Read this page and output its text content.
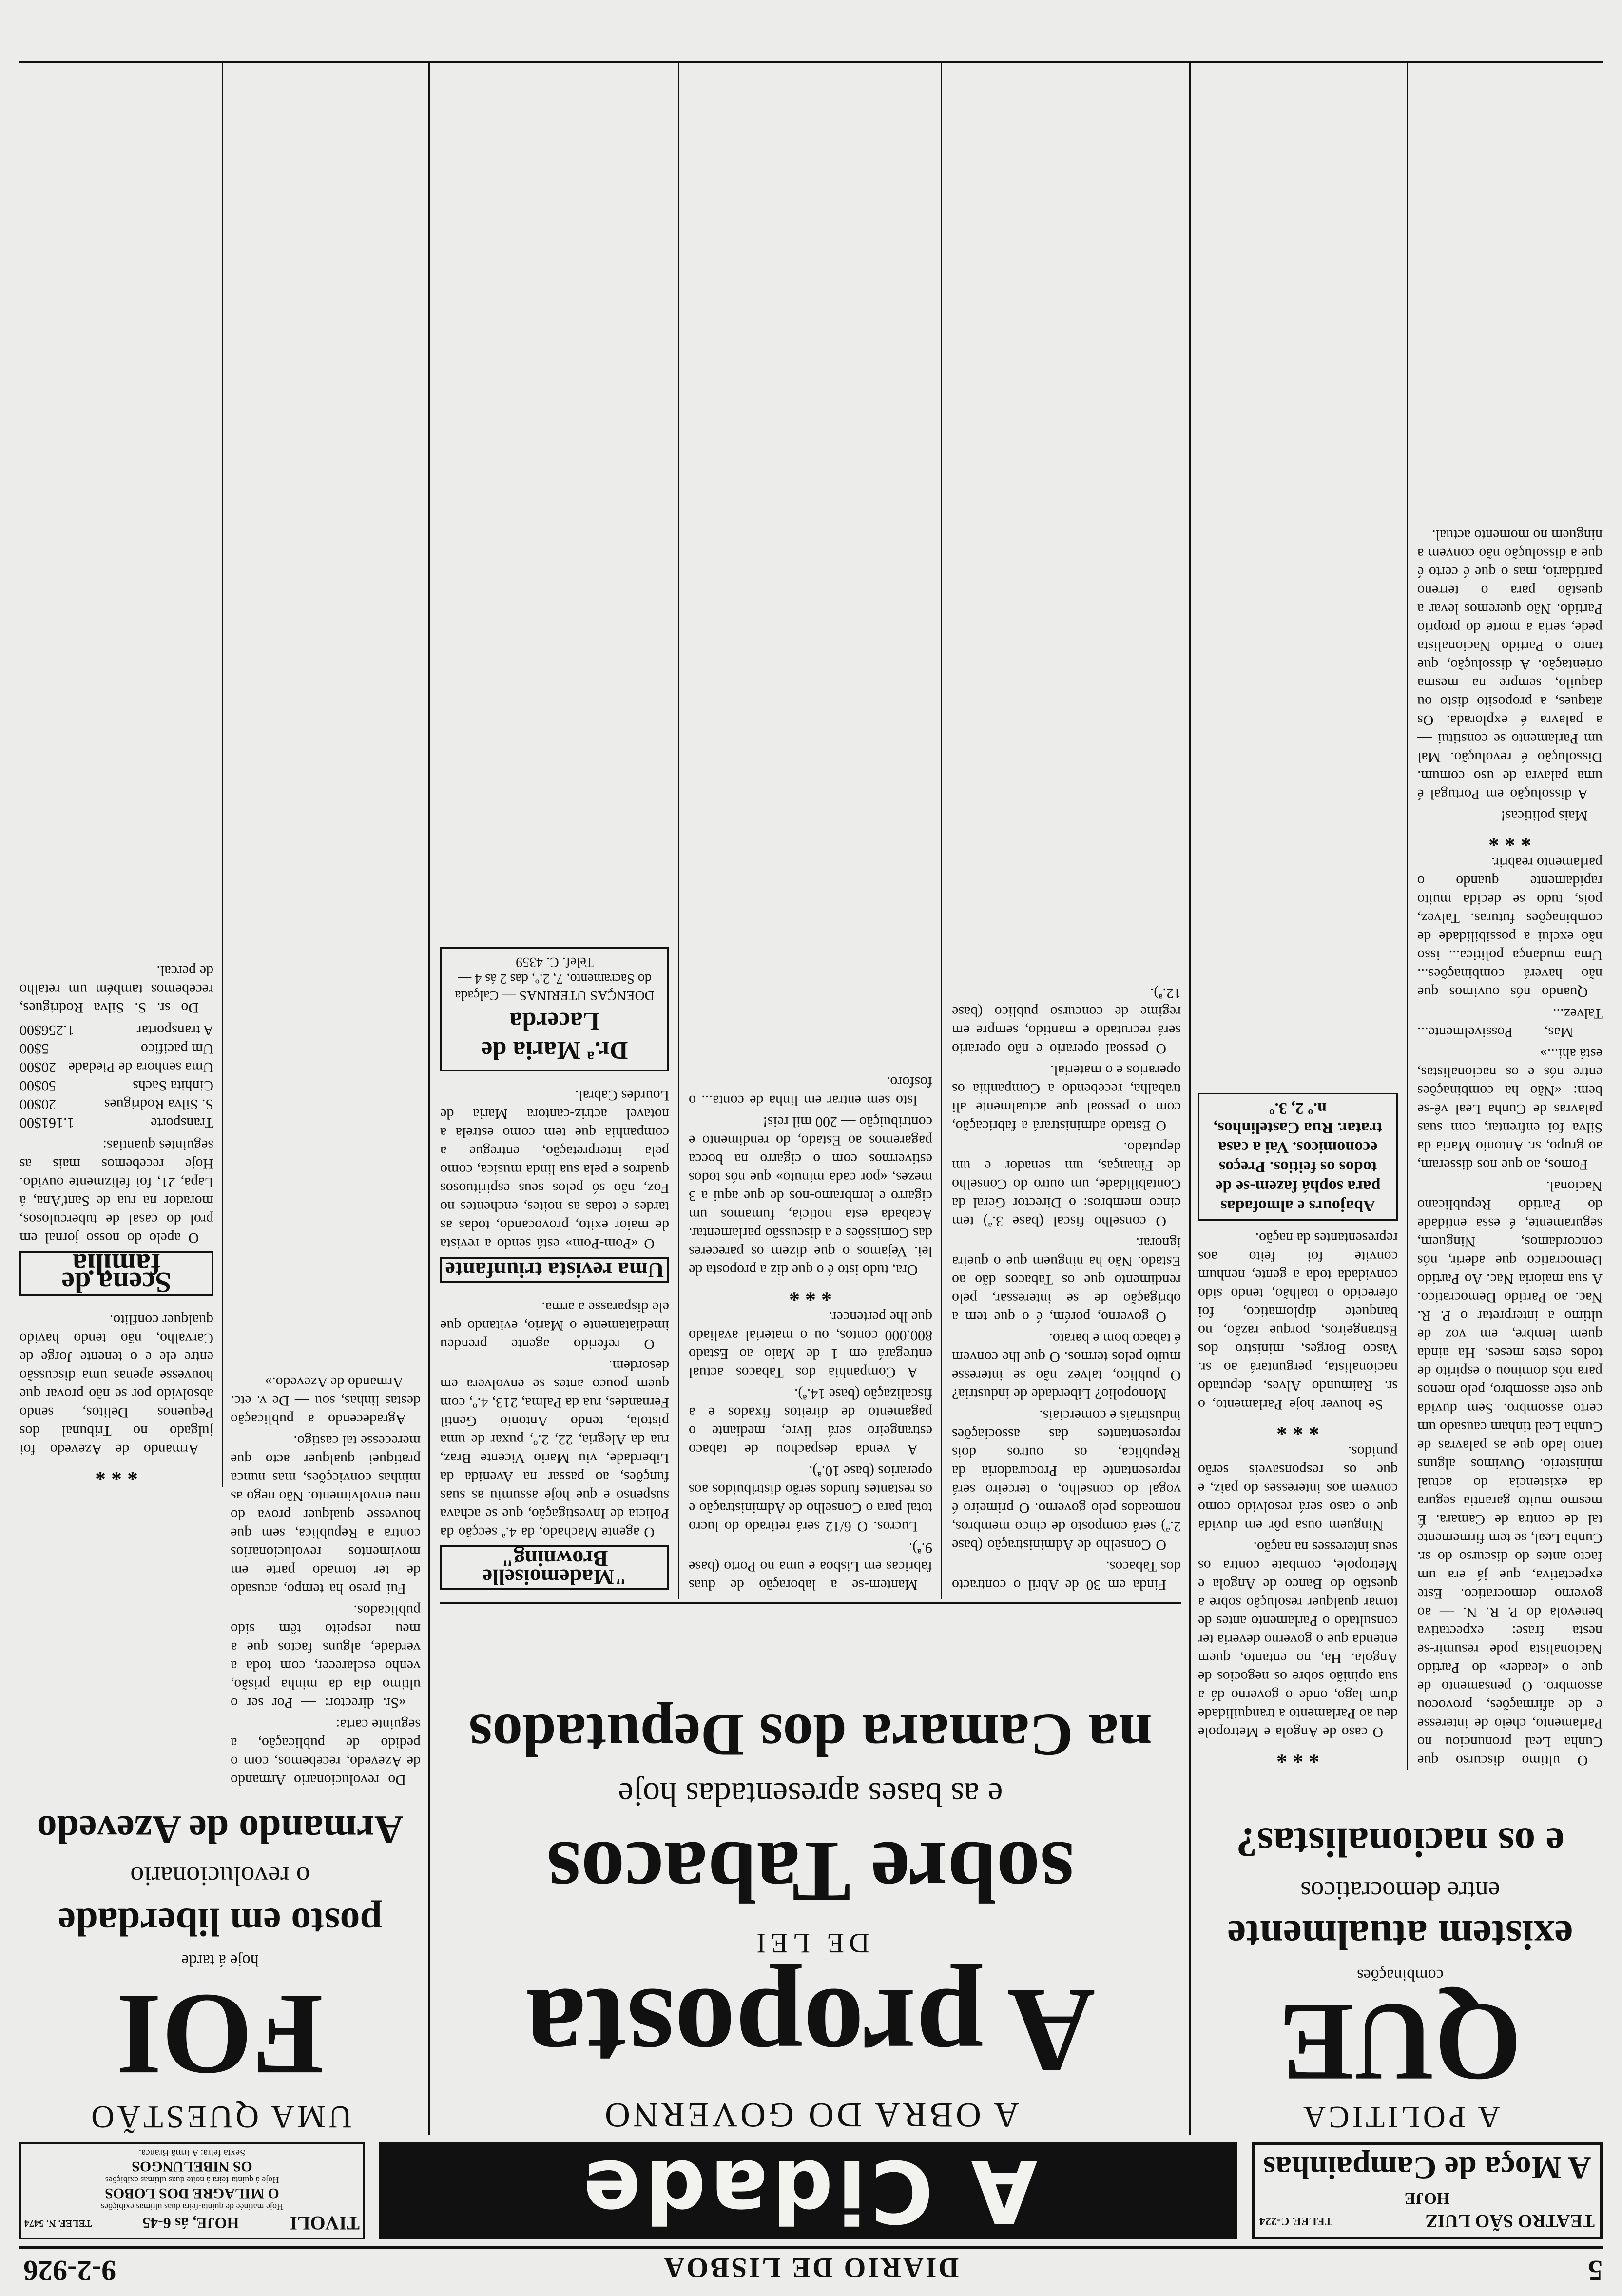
5
DIARIO DE LISBOA
9-2-926
TEATRO SÃO LUIZ
TELEF. C-224
HOJE
A Moça de Campainhas
A Cidade
TIVOLI
HOJE, ás 6-45
TELEF. N. 5474
Hoje matinée de quinta-feira duas ultimas exibições
O MILAGRE DOS LOBOS
Hoje á quinta-feira à noite duas ultimas exibições
OS NIBELUNGOS
Sexta feira: A Irmã Branca.
A POLITICA
QUE
combinações
existem atualmente
entre democraticos
e os nacionalistas?

O ultimo discurso que Cunha Leal pronunciou no Parlamento, cheio de interesse e de afirmações, provocou assombro. O pensamento de que o «leader» do Partido Nacionalista pode resumir-se nesta frase: expectativa benevola do P. R. N. — ao governo democratico. Este expectativa, que já era um facto antes do discurso do sr. Cunha Leal, se tem firmemente tal de contra de Camara. É mesmo muito garantia segura da existencia do actual ministerio. Ouvimos alguns tanto lado que as palavras de Cunha Leal tinham causado um certo assombro. Sem duvida que este assombro, pelo menos para nós dominou o espirito de todos estes meses. Ha ainda quem lembre, em voz de ultimo a interpretar o P. R. Nac. ao Partido Democratico. A sua maioria Nac. Ao Partido Democratico que aderir, nós concordamos, Ninguem, seguramente, é essa entidade do Partido Republicano Nacional.

Fomos, ao que nos disseram, ao grupo, sr. Antonio Maria da Silva foi enfrentar, com suas palavras de Cunha Leal vê-se bem: «Não ha combinações entre nós e os nacionalistas, está ahi...»

—Mas, Possivelmente... Talvez...

Quando nós ouvimos que não haverá combinações... Uma mudança politica... isso não exclui a possibilidade de combinações futuras. Talvez, pois, tudo se decida muito rapidamente quando o parlamento reabrir.

* * *

Mais politicas!

A dissolução em Portugal é uma palavra de uso comum. Dissolução é revolução. Mal um Parlamento se constitui — a palavra é explorada. Os ataques, a proposito disto ou daquilo, sempre na mesma orientação. A dissolução, que tanto o Partido Nacionalista pede, seria a morte do proprio Partido. Não queremos levar a questão para o terreno partidario, mas o que é certo é que a dissolução não convem a ninguem no momento actual.

* * *

O caso de Angola e Metropole deu ao Parlamento a tranquilidade d'um lago, onde o governo dá a sua opinião sobre os negocios de Angola. Ha, no entanto, quem entenda que o governo deveria ter consultado o Parlamento antes de tomar qualquer resolução sobre a questão do Banco de Angola e Metropole, combate contra os seus interesses na nação.

Ninguem ousa pôr em duvida que o caso será resolvido como convem aos interesses do paiz, e que os responsaveis serão punidos.

* * *

Se houver hoje Parlamento, o sr. Raimundo Alves, deputado nacionalista, perguntará ao sr. Vasco Borges, ministro dos Estrangeiros, porque razão, no banquete diplomatico, foi oferecido o toalhão, tendo sido convidada toda a gente, nenhum convite foi feito aos representantes da nação.

Abajours e almofadas para sophá fazem-se de todos os feitios. Preços economicos. Vai a casa tratar. Rua Castelinhos, n.º 2, 3.º
A OBRA DO GOVERNO
A proposta
DE LEI
sobre Tabacos
e as bases apresentadas hoje
na Camara dos Deputados

Finda em 30 de Abril o contracto dos Tabacos.

O Conselho de Administração (base 2.ª) será composto de cinco membros, nomeados pelo governo. O primeiro é vogal do conselho, o terceiro será representante da Procuradoria da Republica, os outros dois representantes das associações industriais e comerciais.

Monopolio? Liberdade de industria? O publico, talvez não se interesse muito pelos termos. O que lhe convem é tabaco bom e barato.

O governo, porém, é o que tem a obrigação de se interessar, pelo rendimento que os Tabacos dão ao Estado. Não ha ninguem que o queira ignorar.

O conselho fiscal (base 3.ª) tem cinco membros: o Director Geral da Contabilidade, um outro do Conselho de Finanças, um senador e um deputado.

O Estado administrará a fabricação, com o pessoal que actualmente ali trabalha, recebendo a Companhia os operarios e o material.

O pessoal operario e não operario será recrutado e mantido, sempre em regime de concurso publico (base 12.ª).

Mantem-se a laboração de duas fabricas em Lisboa e uma no Porto (base 9.ª).

Lucros. O 6/12 será retirado do lucro total para o Conselho de Administração e os restantes fundos serão distribuidos aos operarios (base 10.ª).

A venda despachou de tabaco estrangeiro será livre, mediante o pagamento de direitos fixados e a fiscalização (base 14.ª).

A Companhia dos Tabacos actual entregará em 1 de Maio ao Estado 800.000 contos, ou o material avaliado que lhe pertencer.

* * *

Ora, tudo isto é o que diz a proposta de lei. Vejamos o que dizem os pareceres das Comissões e a discussão parlamentar. Acabada esta noticia, fumamos um cigarro e lembramo-nos de que aqui a 3 mezes, «por cada minuto» que nós todos estivermos com o cigarro na bocca pagaremos ao Estado, do rendimento e contribuição — 200 mil reis!

Isto sem entrar em linha de conta... o fosforo.

"Mademoiselle Browning"

O agente Machado, da 4.ª secção da Policia de Investigação, que se achava suspenso e que hoje assumiu as suas funções, ao passar na Avenida da Liberdade, viu Mario Vicente Braz, rua da Alegria, 22, 2.º, puxar de uma pistola, tendo Antonio Gentil Fernandes, rua da Palma, 213, 4.º, com quem pouco antes se envolvera em desordem.

O referido agente prendeu imediatamente o Mario, evitando que ele disparasse a arma.

Uma revista triunfante

O «Pom-Pom» está sendo a revista de maior exito, provocando, todas as tardes e todas as noites, enchentes no Foz, não só pelos seus espirituosos quadros e pela sua linda musica, como pela interpretação, entregue a companhia que tem como estrela a notavel actriz-cantora Maria de Lourdes Cabral.

Dr.ª Maria de Lacerda
DOENÇAS UTERINAS — Calçada do Sacramento, 7, 2.º, das 2 ás 4 — Telef. C. 4359
UMA QUESTÃO
FOI
hoje á tarde
posto em liberdade
o revolucionario
Armando de Azevedo

Do revolucionario Armando de Azevedo, recebemos, com o pedido de publicação, a seguinte carta:

«Sr. director: — Por ser o ultimo dia da minha prisão, venho esclarecer, com toda a verdade, alguns factos que a meu respeito têm sido publicados.

Fui preso ha tempo, acusado de ter tomado parte em movimentos revolucionarios contra a Republica, sem que houvesse qualquer prova do meu envolvimento. Não nego as minhas convicções, mas nunca pratiquei qualquer acto que merecesse tal castigo.

Agradecendo a publicação destas linhas, sou — De v. etc. — Armando de Azevedo.»

* * *

Armando de Azevedo foi julgado no Tribunal dos Pequenos Delitos, sendo absolvido por se não provar que houvesse apenas uma discussão entre ele e o tenente Jorge de Carvalho, não tendo havido qualquer conflito.

Scena de familia

O apelo do nosso jornal em prol do casal de tuberculosos, morador na rua de Sant'Ana, á Lapa, 21, foi felizmente ouvido. Hoje recebemos mais as seguintes quantias:

Transporte
1.161$00
S. Silva Rodrigues
20$00
Cinhita Sachs
50$00
Uma senhora de Piedade
20$00
Um pacifico
5$00
A transportar
1.256$00

Do sr. S. Silva Rodrigues, recebemos também um retalho de percal.
